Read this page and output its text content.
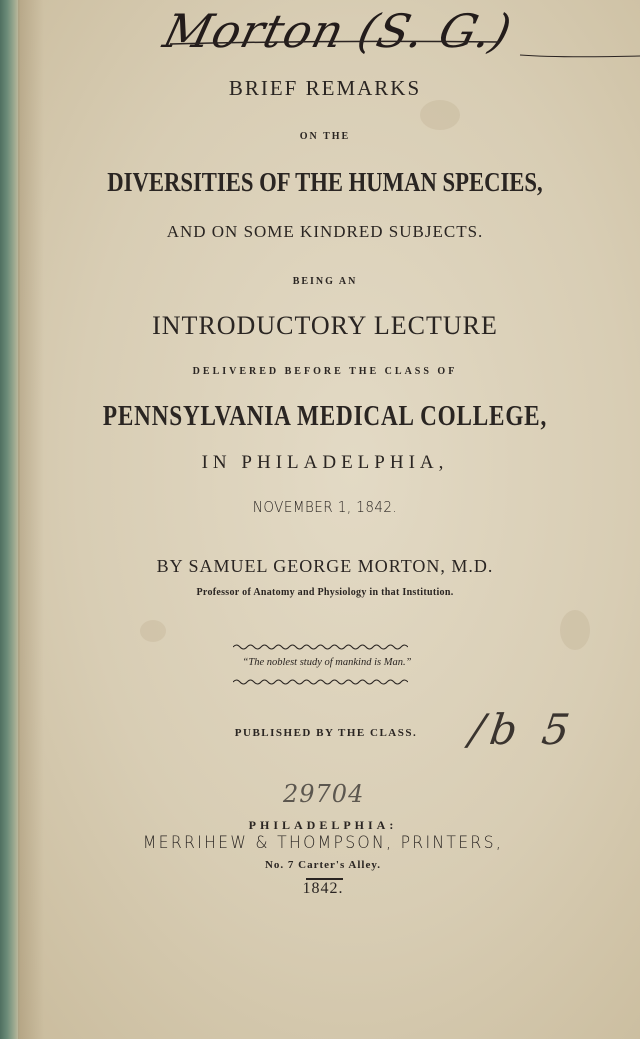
Morton (S. G.)
BRIEF REMARKS
ON THE
DIVERSITIES OF THE HUMAN SPECIES,
AND ON SOME KINDRED SUBJECTS.
BEING AN
INTRODUCTORY LECTURE
DELIVERED BEFORE THE CLASS OF
PENNSYLVANIA MEDICAL COLLEGE,
IN PHILADELPHIA,
NOVEMBER 1, 1842.
BY SAMUEL GEORGE MORTON, M.D.
Professor of Anatomy and Physiology in that Institution.
“The noblest study of mankind is Man.”
PUBLISHED BY THE CLASS.	/b 5
29704
PHILADELPHIA:
MERRIHEW & THOMPSON, PRINTERS,
No. 7 Carter's Alley.
1842.
